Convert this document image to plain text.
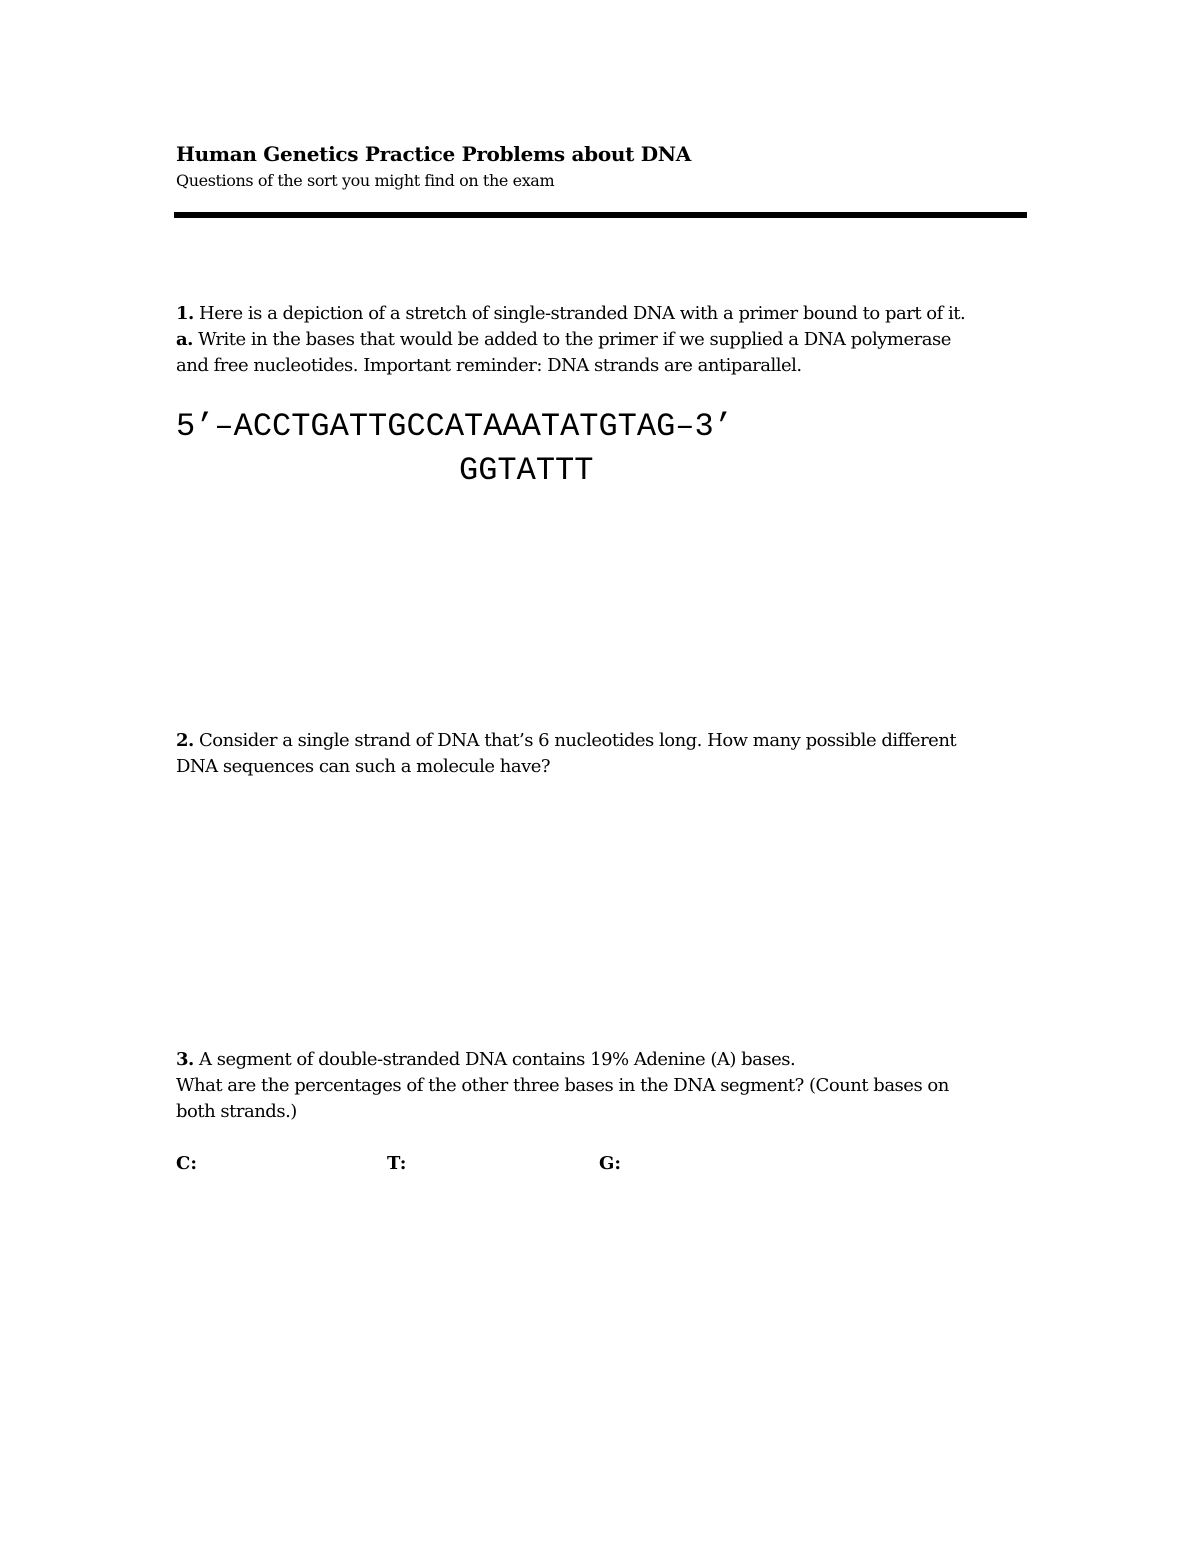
Human Genetics Practice Problems about DNA
Questions of the sort you might find on the exam
1. Here is a depiction of a stretch of single-stranded DNA with a primer bound to part of it.
a. Write in the bases that would be added to the primer if we supplied a DNA polymerase
and free nucleotides. Important reminder: DNA strands are antiparallel.
5’–ACCTGATTGCCATAAATATGTAG–3’
GGTATTT
2. Consider a single strand of DNA that’s 6 nucleotides long. How many possible different
DNA sequences can such a molecule have?
3. A segment of double-stranded DNA contains 19% Adenine (A) bases.
What are the percentages of the other three bases in the DNA segment? (Count bases on
both strands.)
C:	T:	G:
